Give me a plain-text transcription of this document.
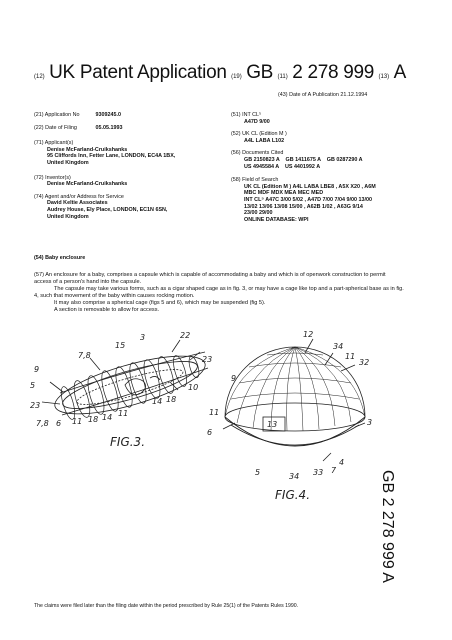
(12) UK Patent Application (19) GB (11) 2 278 999 (13) A
(43) Date of A Publication 21.12.1994
(21) Application No	9309245.0
(22) Date of Filing	05.05.1993
(71) Applicant(s)
Denise McFarland-Cruikshanks
95 Cliffords Inn, Fetter Lane, LONDON, EC4A 1BX,
United Kingdom
(72) Inventor(s)
Denise McFarland-Cruikshanks
(74) Agent and/or Address for Service
David Keltie Associates
Audrey House, Ely Place, LONDON, EC1N 6SN,
United Kingdom
(51) INT CL⁵
A47D 9/00
(52) UK CL (Edition M )
A4L LABA L102
(56) Documents Cited
GB 2150823 A    GB 1411675 A    GB 0287290 A
US 4945584 A    US 4401992 A
(58) Field of Search
UK CL (Edition M ) A4L LABA LBE8 , A5X X20 , A6M
MBC MDF MDX MEA MEC MED
INT CL⁵ A47C 3/00 5/02 , A47D 7/00 7/04 9/00 13/00
13/02 13/06 13/08 15/00 , A62B 1/02 , A63G 9/14
23/00 29/00
ONLINE DATABASE: WPI
(54) Baby enclosure

(57) An enclosure for a baby, comprises a capsule which is capable of accommodating a baby and which is of openwork construction to permit access of a person's hand into the capsule.

The capsule may take various forms, such as a cigar shaped cage as in fig. 3, or may have a cage like top and a part-spherical base as in fig. 4, such that movement of the baby within causes rocking motion.

It may also comprise a spherical cage (figs 5 and 6), which may be suspended (fig 5).

A section is removable to allow for access.

15
3	22
7,8	23
9
5	10
23	14 18
7,8 6 11 18 14 11
FIG.3.
12
34
11
32
9
11
6
13	3
4
7
5	34 33
FIG.4.	GB 2 278 999 A
The claims were filed later than the filing date within the period prescribed by Rule 25(1) of the Patents Rules 1990.
